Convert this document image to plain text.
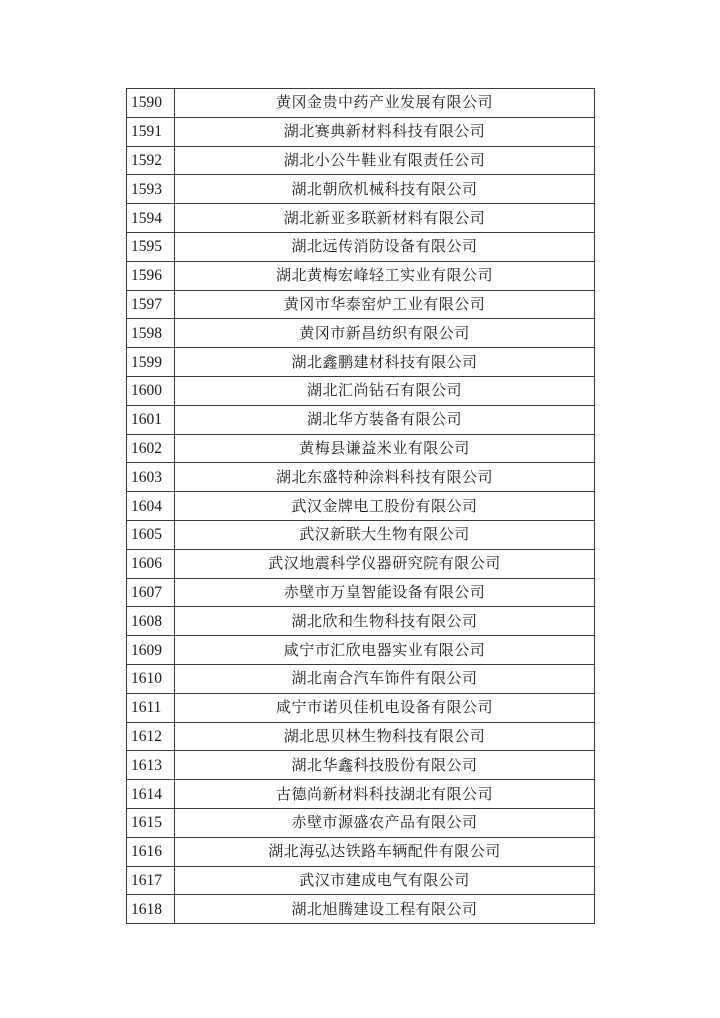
1590	黄冈金贵中药产业发展有限公司
1591	湖北赛典新材料科技有限公司
1592	湖北小公牛鞋业有限责任公司
1593	湖北朝欣机械科技有限公司
1594	湖北新亚多联新材料有限公司
1595	湖北远传消防设备有限公司
1596	湖北黄梅宏峰轻工实业有限公司
1597	黄冈市华泰窑炉工业有限公司
1598	黄冈市新昌纺织有限公司
1599	湖北鑫鹏建材科技有限公司
1600	湖北汇尚钻石有限公司
1601	湖北华方装备有限公司
1602	黄梅县谦益米业有限公司
1603	湖北东盛特种涂料科技有限公司
1604	武汉金牌电工股份有限公司
1605	武汉新联大生物有限公司
1606	武汉地震科学仪器研究院有限公司
1607	赤壁市万皇智能设备有限公司
1608	湖北欣和生物科技有限公司
1609	咸宁市汇欣电器实业有限公司
1610	湖北南合汽车饰件有限公司
1611	咸宁市诺贝佳机电设备有限公司
1612	湖北思贝林生物科技有限公司
1613	湖北华鑫科技股份有限公司
1614	古德尚新材料科技湖北有限公司
1615	赤壁市源盛农产品有限公司
1616	湖北海弘达铁路车辆配件有限公司
1617	武汉市建成电气有限公司
1618	湖北旭腾建设工程有限公司
